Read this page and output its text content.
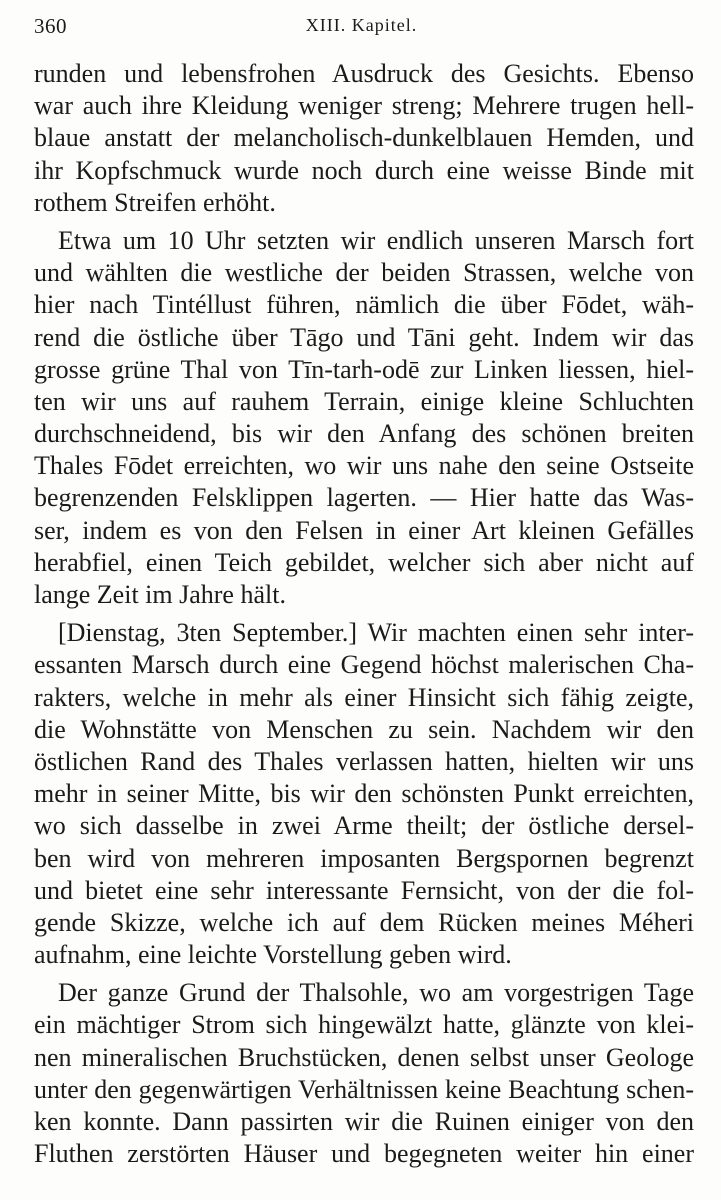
360	XIII. Kapitel.
runden und lebensfrohen Ausdruck des Gesichts. Ebenso
war auch ihre Kleidung weniger streng; Mehrere trugen hell-
blaue anstatt der melancholisch-dunkelblauen Hemden, und
ihr Kopfschmuck wurde noch durch eine weisse Binde mit
rothem Streifen erhöht.
Etwa um 10 Uhr setzten wir endlich unseren Marsch fort
und wählten die westliche der beiden Strassen, welche von
hier nach Tintéllust führen, nämlich die über Fōdet, wäh-
rend die östliche über Tāgo und Tāni geht. Indem wir das
grosse grüne Thal von Tīn-tarh-odē zur Linken liessen, hiel-
ten wir uns auf rauhem Terrain, einige kleine Schluchten
durchschneidend, bis wir den Anfang des schönen breiten
Thales Fōdet erreichten, wo wir uns nahe den seine Ostseite
begrenzenden Felsklippen lagerten. — Hier hatte das Was-
ser, indem es von den Felsen in einer Art kleinen Gefälles
herabfiel, einen Teich gebildet, welcher sich aber nicht auf
lange Zeit im Jahre hält.
[Dienstag, 3ten September.] Wir machten einen sehr inter-
essanten Marsch durch eine Gegend höchst malerischen Cha-
rakters, welche in mehr als einer Hinsicht sich fähig zeigte,
die Wohnstätte von Menschen zu sein. Nachdem wir den
östlichen Rand des Thales verlassen hatten, hielten wir uns
mehr in seiner Mitte, bis wir den schönsten Punkt erreichten,
wo sich dasselbe in zwei Arme theilt; der östliche dersel-
ben wird von mehreren imposanten Bergspornen begrenzt
und bietet eine sehr interessante Fernsicht, von der die fol-
gende Skizze, welche ich auf dem Rücken meines Méheri
aufnahm, eine leichte Vorstellung geben wird.
Der ganze Grund der Thalsohle, wo am vorgestrigen Tage
ein mächtiger Strom sich hingewälzt hatte, glänzte von klei-
nen mineralischen Bruchstücken, denen selbst unser Geologe
unter den gegenwärtigen Verhältnissen keine Beachtung schen-
ken konnte. Dann passirten wir die Ruinen einiger von den
Fluthen zerstörten Häuser und begegneten weiter hin einer
